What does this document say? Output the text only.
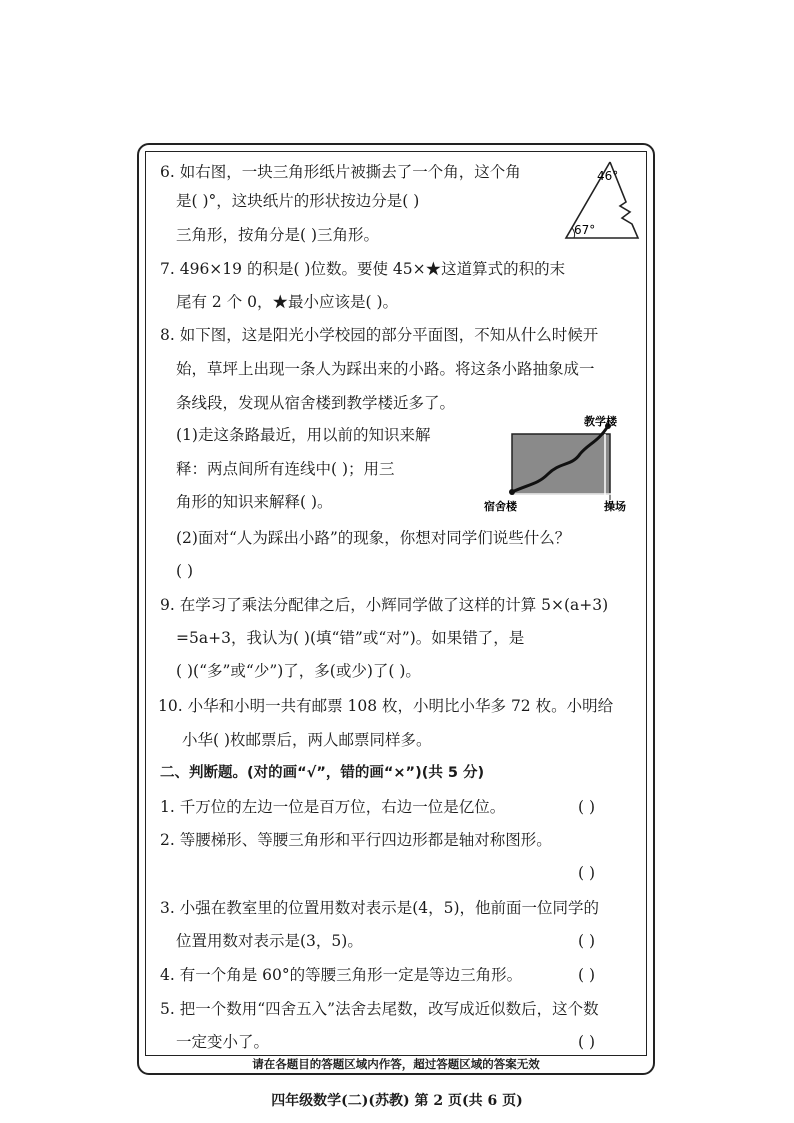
6. 如右图，一块三角形纸片被撕去了一个角，这个角
是( )°，这块纸片的形状按边分是( )
三角形，按角分是( )三角形。
46°
67°
7. 496×19 的积是( )位数。要使 45×★这道算式的积的末
尾有 2 个 0，★最小应该是( )。
8. 如下图，这是阳光小学校园的部分平面图，不知从什么时候开
始，草坪上出现一条人为踩出来的小路。将这条小路抽象成一
条线段，发现从宿舍楼到教学楼近多了。
(1)走这条路最近，用以前的知识来解
释：两点间所有连线中( )；用三
角形的知识来解释( )。
教学楼
宿舍楼	操场
(2)面对“人为踩出小路”的现象，你想对同学们说些什么？
( )
9. 在学习了乘法分配律之后，小辉同学做了这样的计算 5×(a+3)
=5a+3，我认为( )(填“错”或“对”)。如果错了，是
( )(“多”或“少”)了，多(或少)了( )。
10. 小华和小明一共有邮票 108 枚，小明比小华多 72 枚。小明给
小华( )枚邮票后，两人邮票同样多。
二、判断题。(对的画“√”，错的画“×”)(共 5 分)
1. 千万位的左边一位是百万位，右边一位是亿位。	( )
2. 等腰梯形、等腰三角形和平行四边形都是轴对称图形。
( )
3. 小强在教室里的位置用数对表示是(4，5)，他前面一位同学的
位置用数对表示是(3，5)。	( )
4. 有一个角是 60°的等腰三角形一定是等边三角形。	( )
5. 把一个数用“四舍五入”法舍去尾数，改写成近似数后，这个数
一定变小了。	( )
请在各题目的答题区域内作答，超过答题区域的答案无效
四年级数学(二)(苏教) 第 2 页(共 6 页)
